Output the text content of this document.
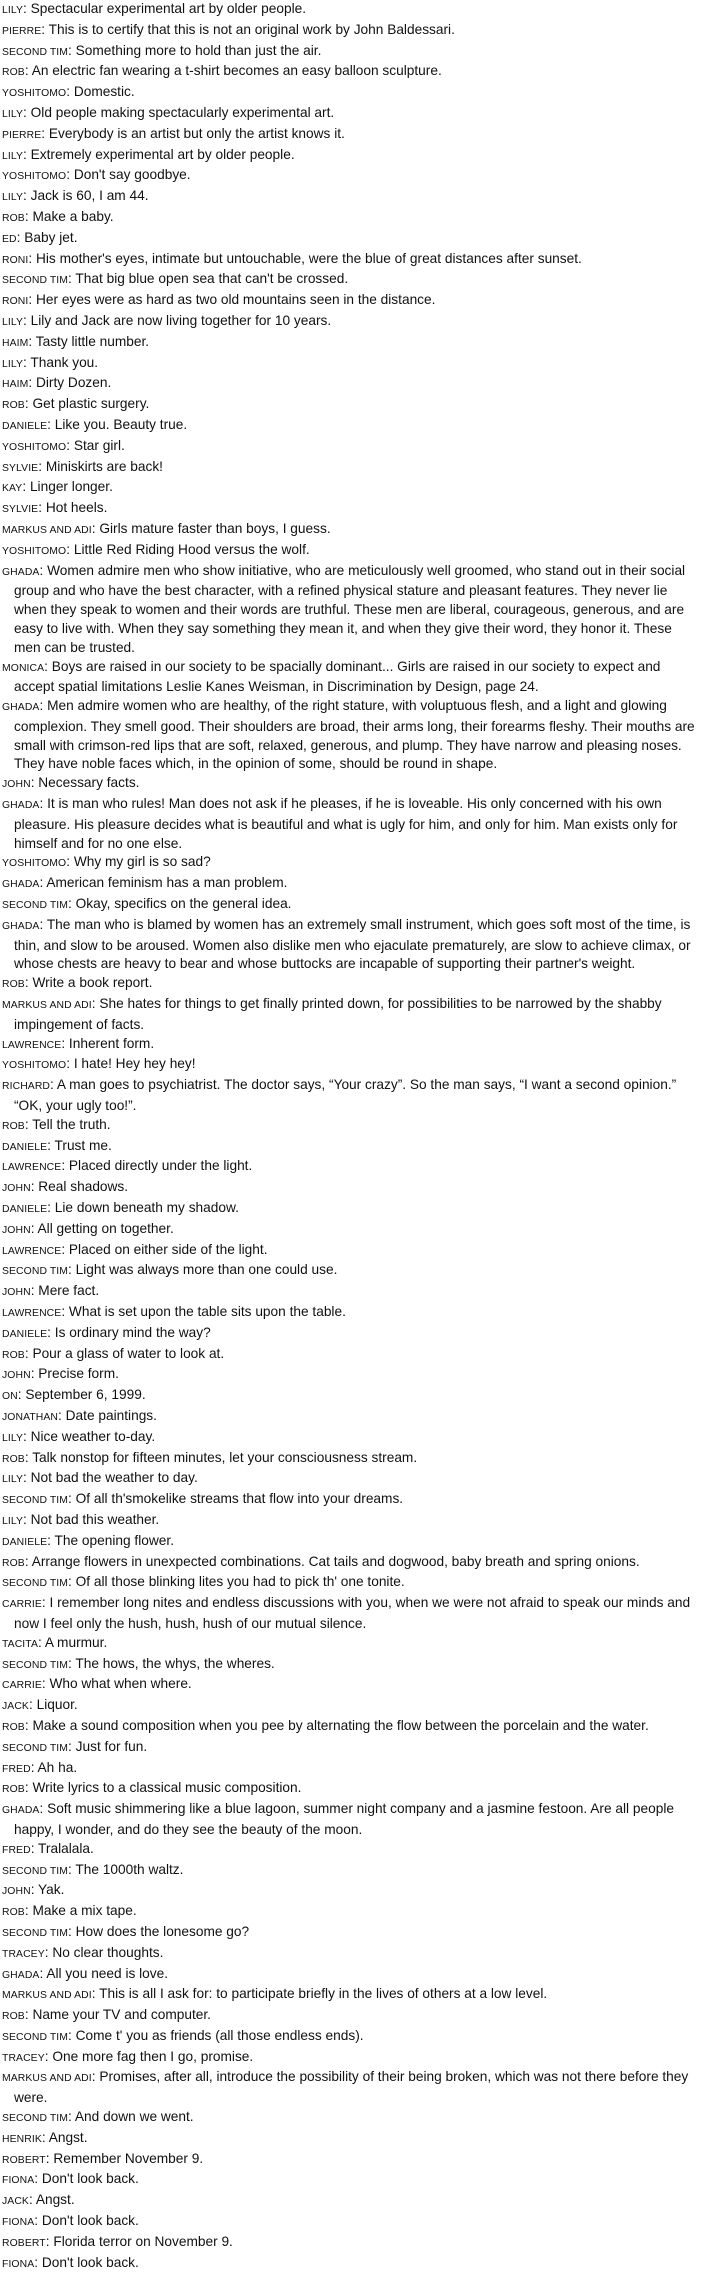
LILY: Spectacular experimental art by older people.
PIERRE: This is to certify that this is not an original work by John Baldessari.
SECOND TIM: Something more to hold than just the air.
ROB: An electric fan wearing a t-shirt becomes an easy balloon sculpture.
YOSHITOMO: Domestic.
LILY: Old people making spectacularly experimental art.
PIERRE: Everybody is an artist but only the artist knows it.
LILY: Extremely experimental art by older people.
YOSHITOMO: Don't say goodbye.
LILY: Jack is 60, I am 44.
ROB: Make a baby.
ED: Baby jet.
RONI: His mother's eyes, intimate but untouchable, were the blue of great distances after sunset.
SECOND TIM: That big blue open sea that can't be crossed.
RONI: Her eyes were as hard as two old mountains seen in the distance.
LILY: Lily and Jack are now living together for 10 years.
HAIM: Tasty little number.
LILY: Thank you.
HAIM: Dirty Dozen.
ROB: Get plastic surgery.
DANIELE: Like you. Beauty true.
YOSHITOMO: Star girl.
SYLVIE: Miniskirts are back!
KAY: Linger longer.
SYLVIE: Hot heels.
MARKUS AND ADI: Girls mature faster than boys, I guess.
YOSHITOMO: Little Red Riding Hood versus the wolf.
GHADA: Women admire men who show initiative, who are meticulously well groomed, who stand out in their social group and who have the best character, with a refined physical stature and pleasant features. They never lie when they speak to women and their words are truthful. These men are liberal, courageous, generous, and are easy to live with. When they say something they mean it, and when they give their word, they honor it. These men can be trusted.
MONICA: Boys are raised in our society to be spacially dominant... Girls are raised in our society to expect and accept spatial limitations Leslie Kanes Weisman, in Discrimination by Design, page 24.
GHADA: Men admire women who are healthy, of the right stature, with voluptuous flesh, and a light and glowing complexion. They smell good. Their shoulders are broad, their arms long, their forearms fleshy. Their mouths are small with crimson-red lips that are soft, relaxed, generous, and plump. They have narrow and pleasing noses. They have noble faces which, in the opinion of some, should be round in shape.
JOHN: Necessary facts.
GHADA: It is man who rules! Man does not ask if he pleases, if he is loveable. His only concerned with his own pleasure. His pleasure decides what is beautiful and what is ugly for him, and only for him. Man exists only for himself and for no one else.
YOSHITOMO: Why my girl is so sad?
GHADA: American feminism has a man problem.
SECOND TIM: Okay, specifics on the general idea.
GHADA: The man who is blamed by women has an extremely small instrument, which goes soft most of the time, is thin, and slow to be aroused. Women also dislike men who ejaculate prematurely, are slow to achieve climax, or whose chests are heavy to bear and whose buttocks are incapable of supporting their partner's weight.
ROB: Write a book report.
MARKUS AND ADI: She hates for things to get finally printed down, for possibilities to be narrowed by the shabby impingement of facts.
LAWRENCE: Inherent form.
YOSHITOMO: I hate! Hey hey hey!
RICHARD: A man goes to psychiatrist. The doctor says, “Your crazy”. So the man says, “I want a second opinion.” “OK, your ugly too!”.
ROB: Tell the truth.
DANIELE: Trust me.
LAWRENCE: Placed directly under the light.
JOHN: Real shadows.
DANIELE: Lie down beneath my shadow.
JOHN: All getting on together.
LAWRENCE: Placed on either side of the light.
SECOND TIM: Light was always more than one could use.
JOHN: Mere fact.
LAWRENCE: What is set upon the table sits upon the table.
DANIELE: Is ordinary mind the way?
ROB: Pour a glass of water to look at.
JOHN: Precise form.
ON: September 6, 1999.
JONATHAN: Date paintings.
LILY: Nice weather to-day.
ROB: Talk nonstop for fifteen minutes, let your consciousness stream.
LILY: Not bad the weather to day.
SECOND TIM: Of all th'smokelike streams that flow into your dreams.
LILY: Not bad this weather.
DANIELE: The opening flower.
ROB: Arrange flowers in unexpected combinations. Cat tails and dogwood, baby breath and spring onions.
SECOND TIM: Of all those blinking lites you had to pick th' one tonite.
CARRIE: I remember long nites and endless discussions with you, when we were not afraid to speak our minds and now I feel only the hush, hush, hush of our mutual silence.
TACITA: A murmur.
SECOND TIM: The hows, the whys, the wheres.
CARRIE: Who what when where.
JACK: Liquor.
ROB: Make a sound composition when you pee by alternating the flow between the porcelain and the water.
SECOND TIM: Just for fun.
FRED: Ah ha.
ROB: Write lyrics to a classical music composition.
GHADA: Soft music shimmering like a blue lagoon, summer night company and a jasmine festoon. Are all people happy, I wonder, and do they see the beauty of the moon.
FRED: Tralalala.
SECOND TIM: The 1000th waltz.
JOHN: Yak.
ROB: Make a mix tape.
SECOND TIM: How does the lonesome go?
TRACEY: No clear thoughts.
GHADA: All you need is love.
MARKUS AND ADI: This is all I ask for: to participate briefly in the lives of others at a low level.
ROB: Name your TV and computer.
SECOND TIM: Come t' you as friends (all those endless ends).
TRACEY: One more fag then I go, promise.
MARKUS AND ADI: Promises, after all, introduce the possibility of their being broken, which was not there before they were.
SECOND TIM: And down we went.
HENRIK: Angst.
ROBERT: Remember November 9.
FIONA: Don't look back.
JACK: Angst.
FIONA: Don't look back.
ROBERT: Florida terror on November 9.
FIONA: Don't look back.
